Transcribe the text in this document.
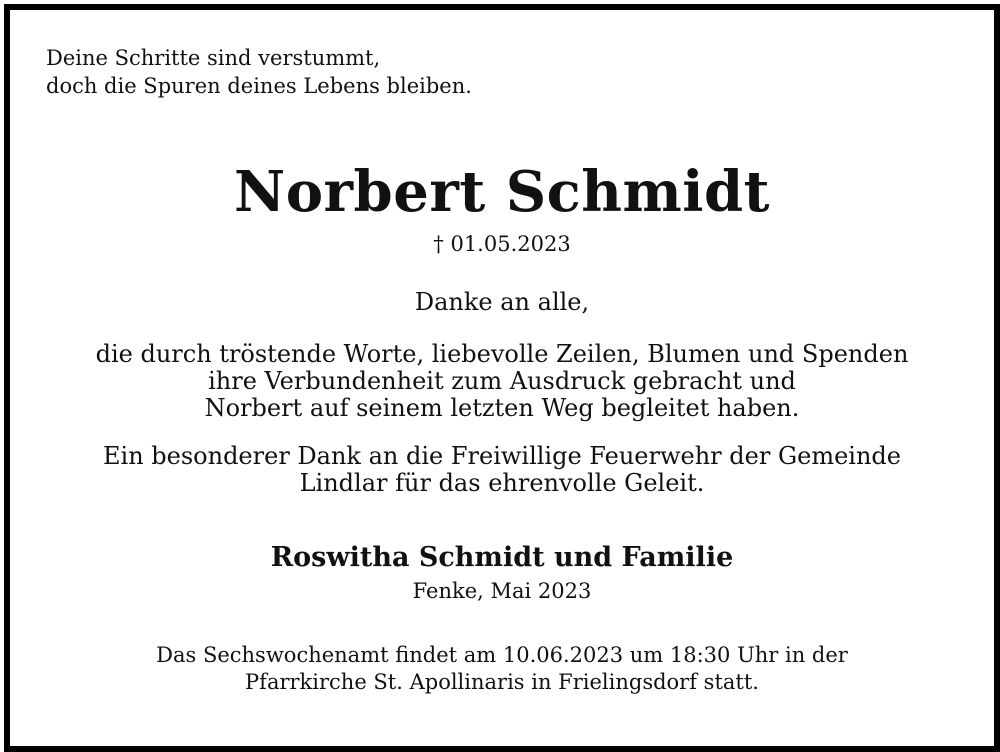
Deine Schritte sind verstummt,
doch die Spuren deines Lebens bleiben.
Norbert Schmidt
† 01.05.2023
Danke an alle,
die durch tröstende Worte, liebevolle Zeilen, Blumen und Spenden
ihre Verbundenheit zum Ausdruck gebracht und
Norbert auf seinem letzten Weg begleitet haben.
Ein besonderer Dank an die Freiwillige Feuerwehr der Gemeinde
Lindlar für das ehrenvolle Geleit.
Roswitha Schmidt und Familie
Fenke, Mai 2023
Das Sechswochenamt findet am 10.06.2023 um 18:30 Uhr in der
Pfarrkirche St. Apollinaris in Frielingsdorf statt.
